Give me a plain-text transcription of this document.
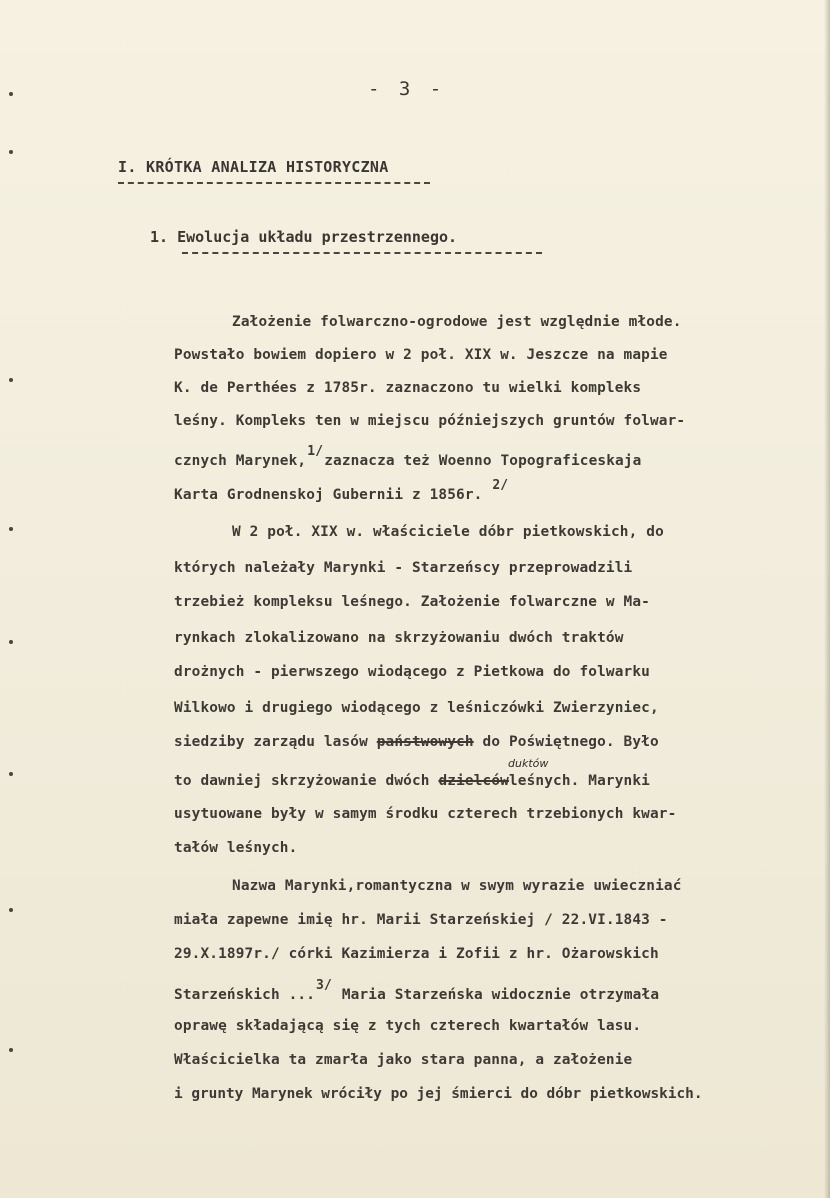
- 3 -
I. KRÓTKA ANALIZA HISTORYCZNA
1. Ewolucja układu przestrzennego.
Założenie folwarczno-ogrodowe jest względnie młode.
Powstało bowiem dopiero w 2 poł. XIX w. Jeszcze na mapie
K. de Perthées z 1785r. zaznaczono tu wielki kompleks
leśny. Kompleks ten w miejscu późniejszych gruntów folwar-
cznych Marynek,$^{1/}$zaznacza też Woenno Topograficeskaja
Karta Grodnenskoj Gubernii z 1856r. $^{2/}$
W 2 poł. XIX w. właściciele dóbr pietkowskich, do
których należały Marynki - Starzeńscy przeprowadzili
trzebież kompleksu leśnego. Założenie folwarczne w Ma-
rynkach zlokalizowano na skrzyżowaniu dwóch traktów
drożnych - pierwszego wiodącego z Pietkowa do folwarku
Wilkowo i drugiego wiodącego z leśniczówki Zwierzyniec,
siedziby zarządu lasów państwowych do Poświętnego. Było
duktów
to dawniej skrzyżowanie dwóch dzielcówleśnych. Marynki
usytuowane były w samym środku czterech trzebionych kwar-
tałów leśnych.
Nazwa Marynki,romantyczna w swym wyrazie uwieczniać
miała zapewne imię hr. Marii Starzeńskiej / 22.VI.1843 -
29.X.1897r./ córki Kazimierza i Zofii z hr. Ożarowskich
Starzeńskich ...$^{3/}$ Maria Starzeńska widocznie otrzymała
oprawę składającą się z tych czterech kwartałów lasu.
Właścicielka ta zmarła jako stara panna, a założenie
i grunty Marynek wróciły po jej śmierci do dóbr pietkowskich.
